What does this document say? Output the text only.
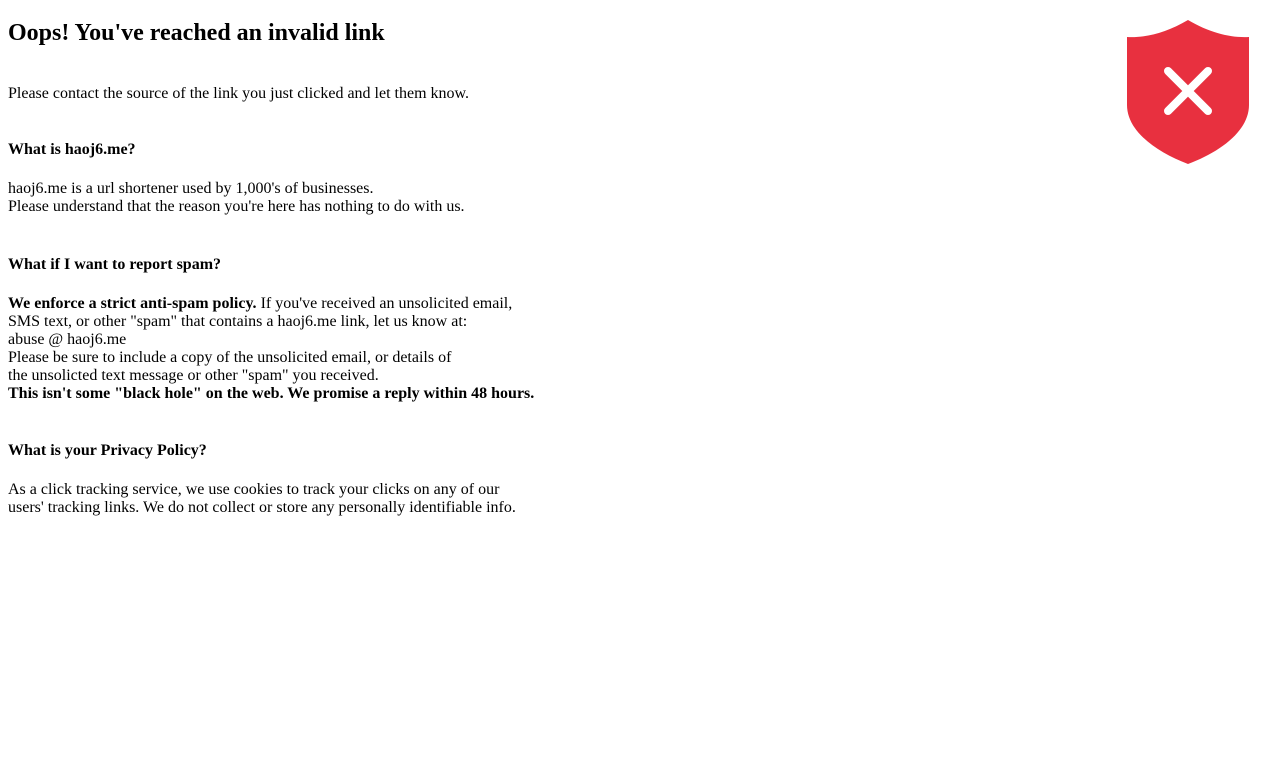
Oops! You've reached an invalid link

Please contact the source of the link you just clicked and let them know.

What is haoj6.me?

haoj6.me is a url shortener used by 1,000's of businesses.

Please understand that the reason you're here has nothing to do with us.

What if I want to report spam?

We enforce a strict anti-spam policy. If you've received an unsolicited email,

SMS text, or other "spam" that contains a haoj6.me link, let us know at:

abuse @ haoj6.me

Please be sure to include a copy of the unsolicited email, or details of

the unsolicted text message or other "spam" you received.

This isn't some "black hole" on the web. We promise a reply within 48 hours.

What is your Privacy Policy?

As a click tracking service, we use cookies to track your clicks on any of our

users' tracking links. We do not collect or store any personally identifiable info.
